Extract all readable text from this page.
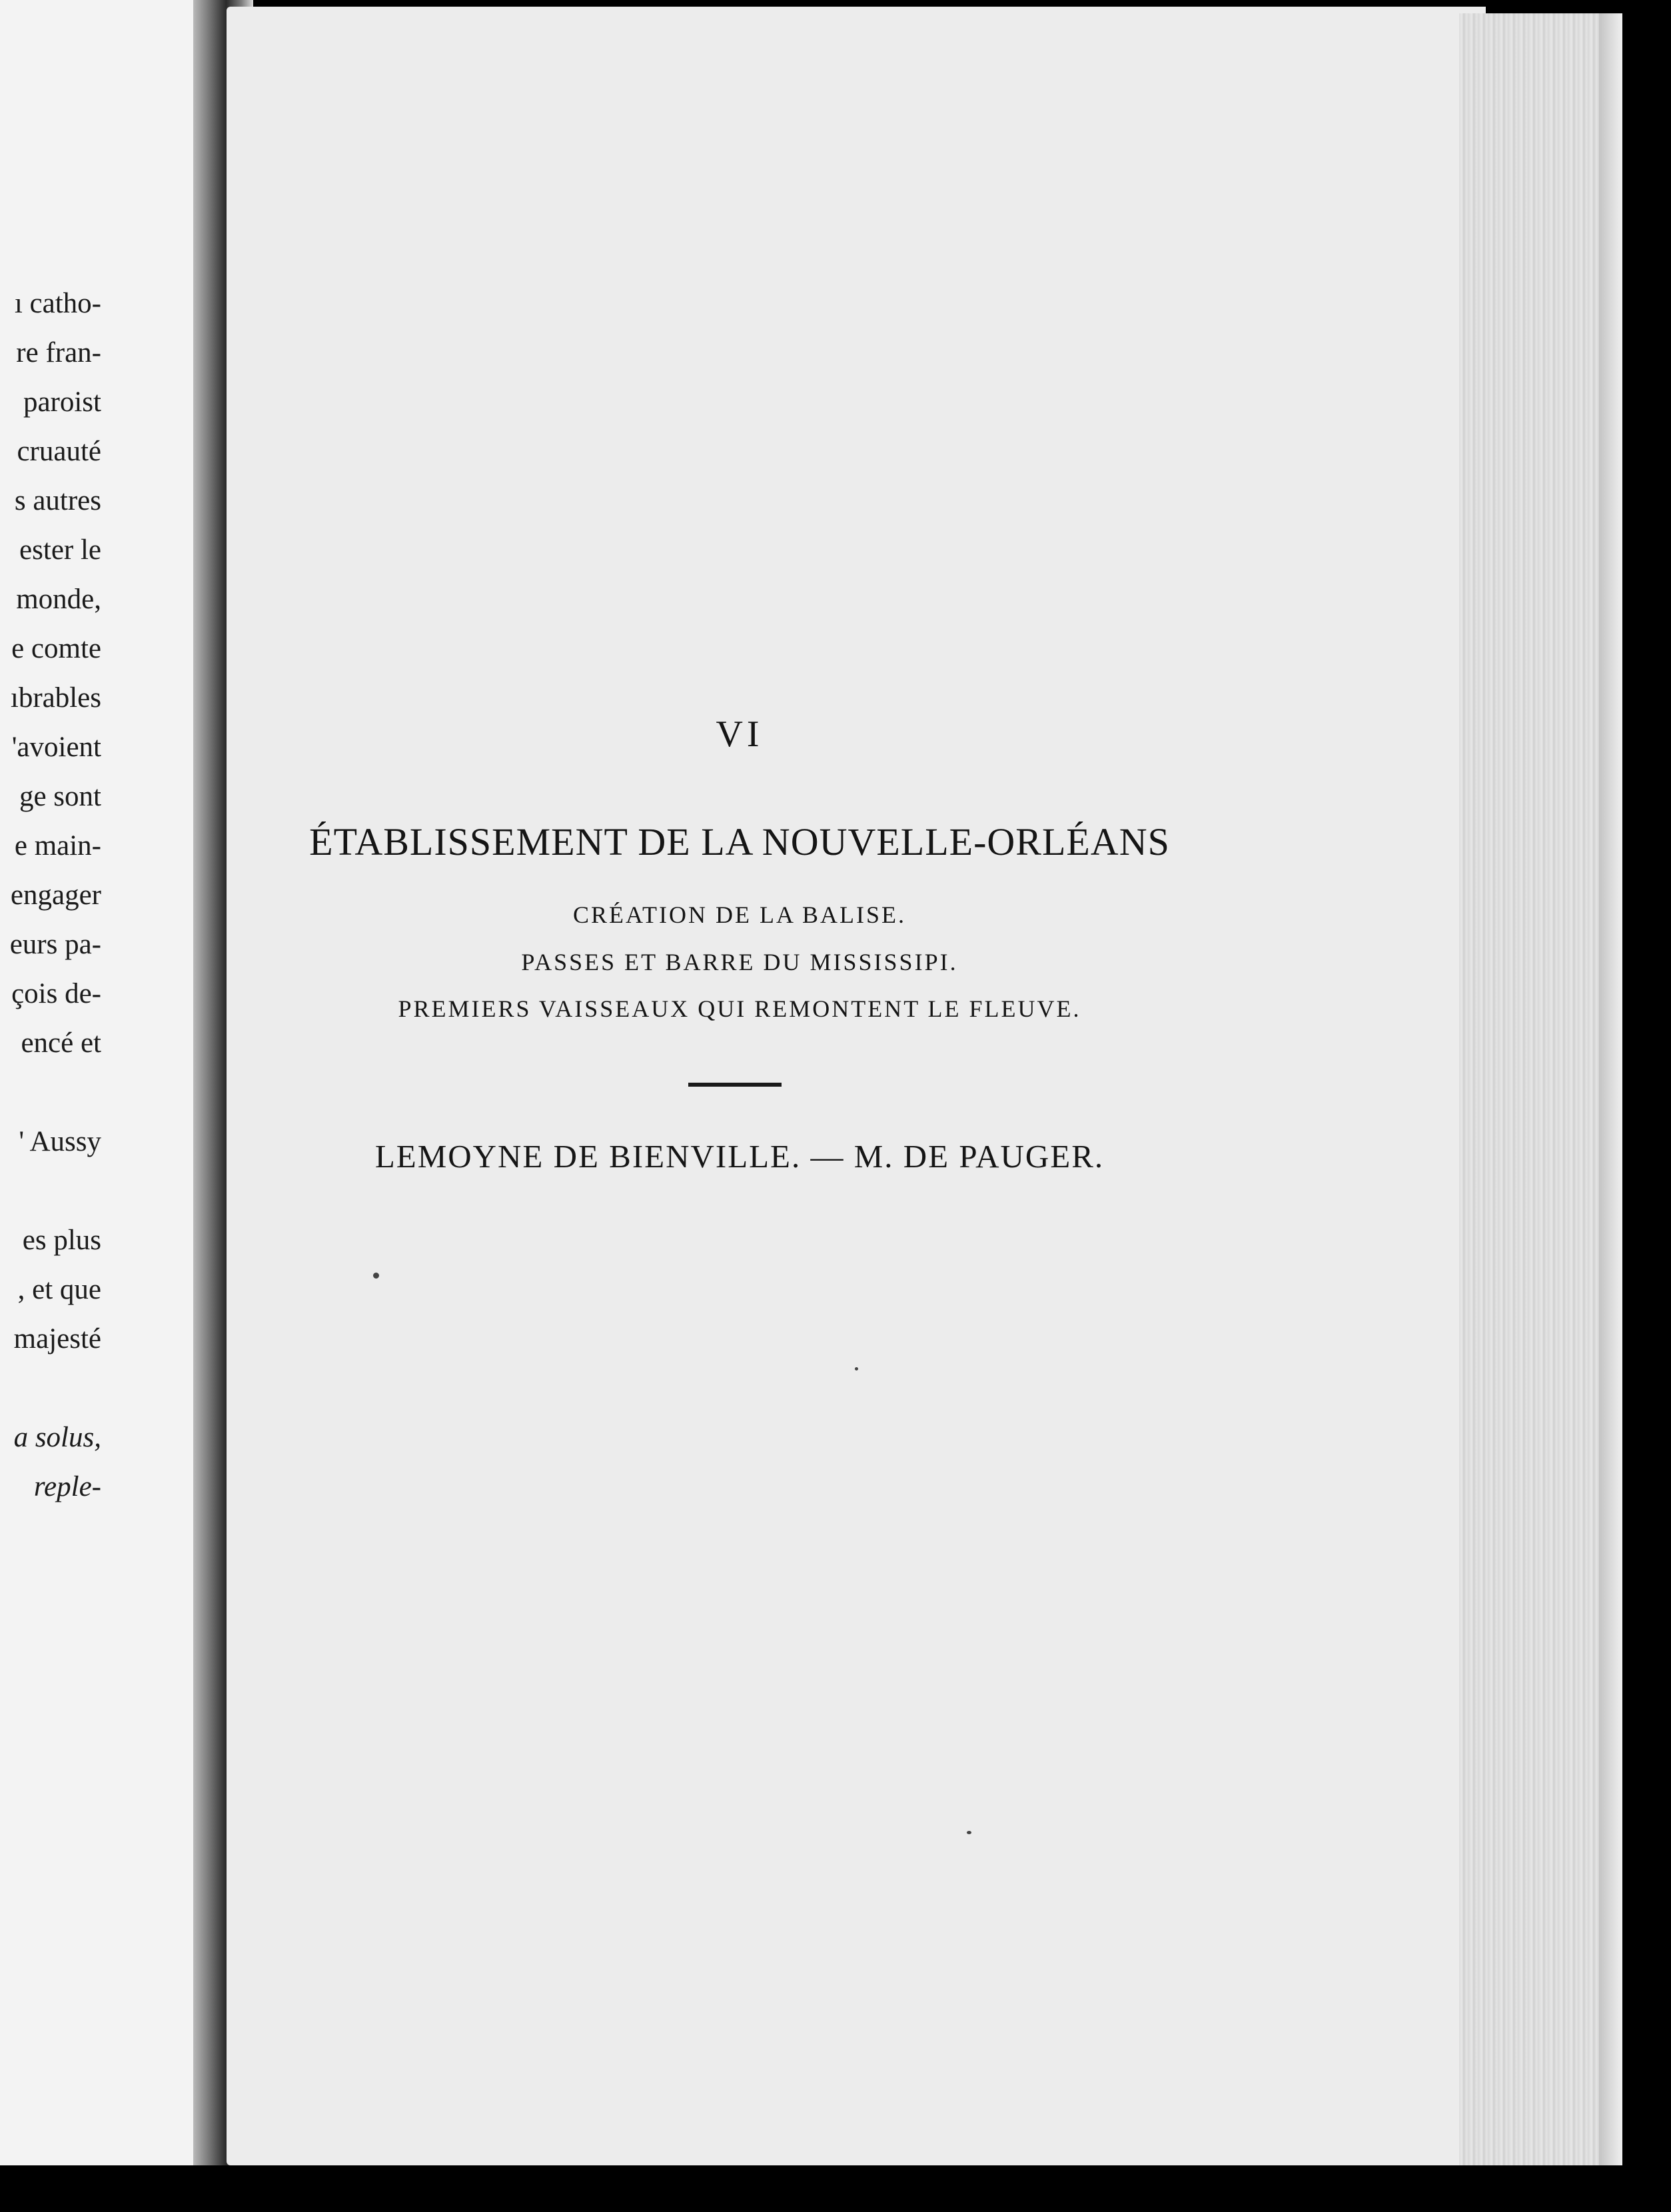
ı catho-
re fran-
paroist
cruauté
s autres
ester le
monde,
e comte
ıbrables
'avoient
ge sont
e main-
engager
eurs pa-
çois de-
encé et
' Aussy
es plus
, et que
majesté
a solus,
reple-
VI
ÉTABLISSEMENT DE LA NOUVELLE-ORLÉANS
CRÉATION DE LA BALISE.
PASSES ET BARRE DU MISSISSIPI.
PREMIERS VAISSEAUX QUI REMONTENT LE FLEUVE.
LEMOYNE DE BIENVILLE. — M. DE PAUGER.
